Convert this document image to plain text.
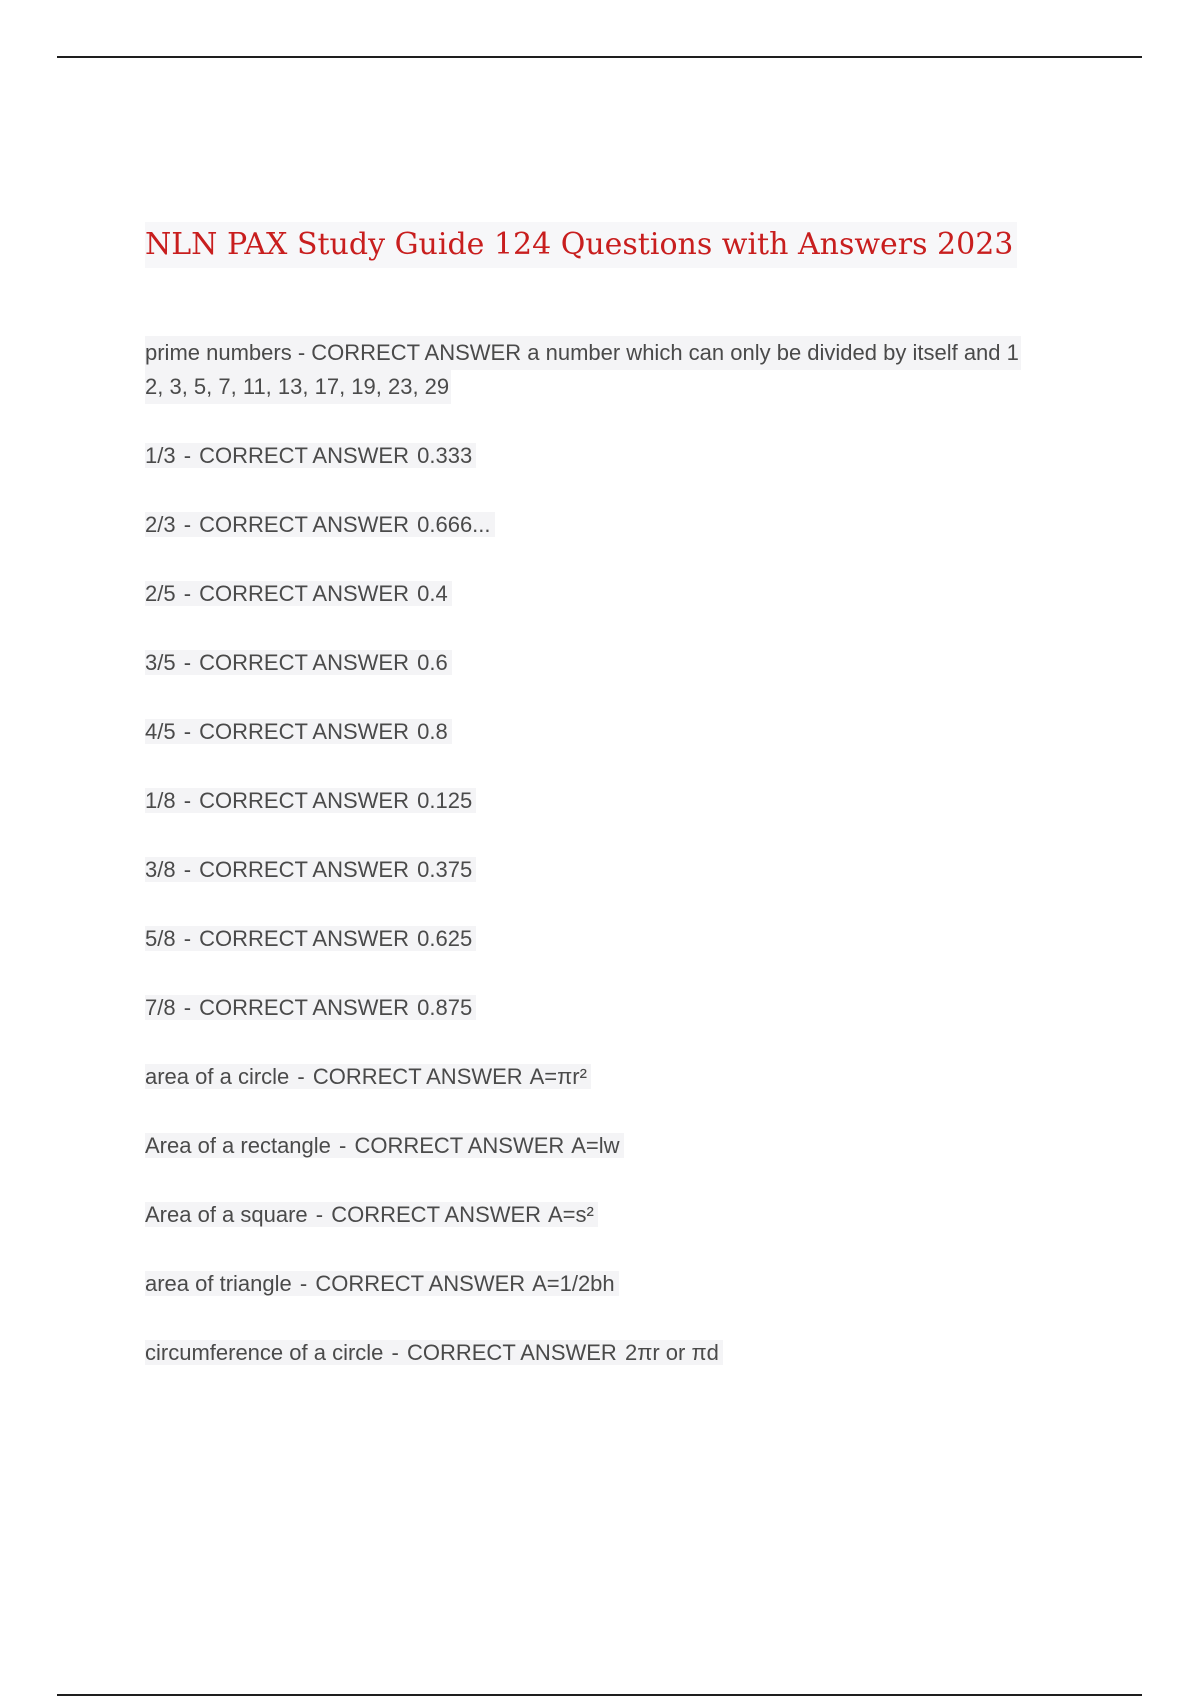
NLN PAX Study Guide 124 Questions with Answers 2023
prime numbers - CORRECT ANSWER a number which can only be divided by itself and 1
2, 3, 5, 7, 11, 13, 17, 19, 23, 29
1/3 - CORRECT ANSWER 0.333
2/3 - CORRECT ANSWER 0.666...
2/5 - CORRECT ANSWER 0.4
3/5 - CORRECT ANSWER 0.6
4/5 - CORRECT ANSWER 0.8
1/8 - CORRECT ANSWER 0.125
3/8 - CORRECT ANSWER 0.375
5/8 - CORRECT ANSWER 0.625
7/8 - CORRECT ANSWER 0.875
area of a circle - CORRECT ANSWER A=πr²
Area of a rectangle - CORRECT ANSWER A=lw
Area of a square - CORRECT ANSWER A=s²
area of triangle - CORRECT ANSWER A=1/2bh
circumference of a circle - CORRECT ANSWER 2πr or πd
